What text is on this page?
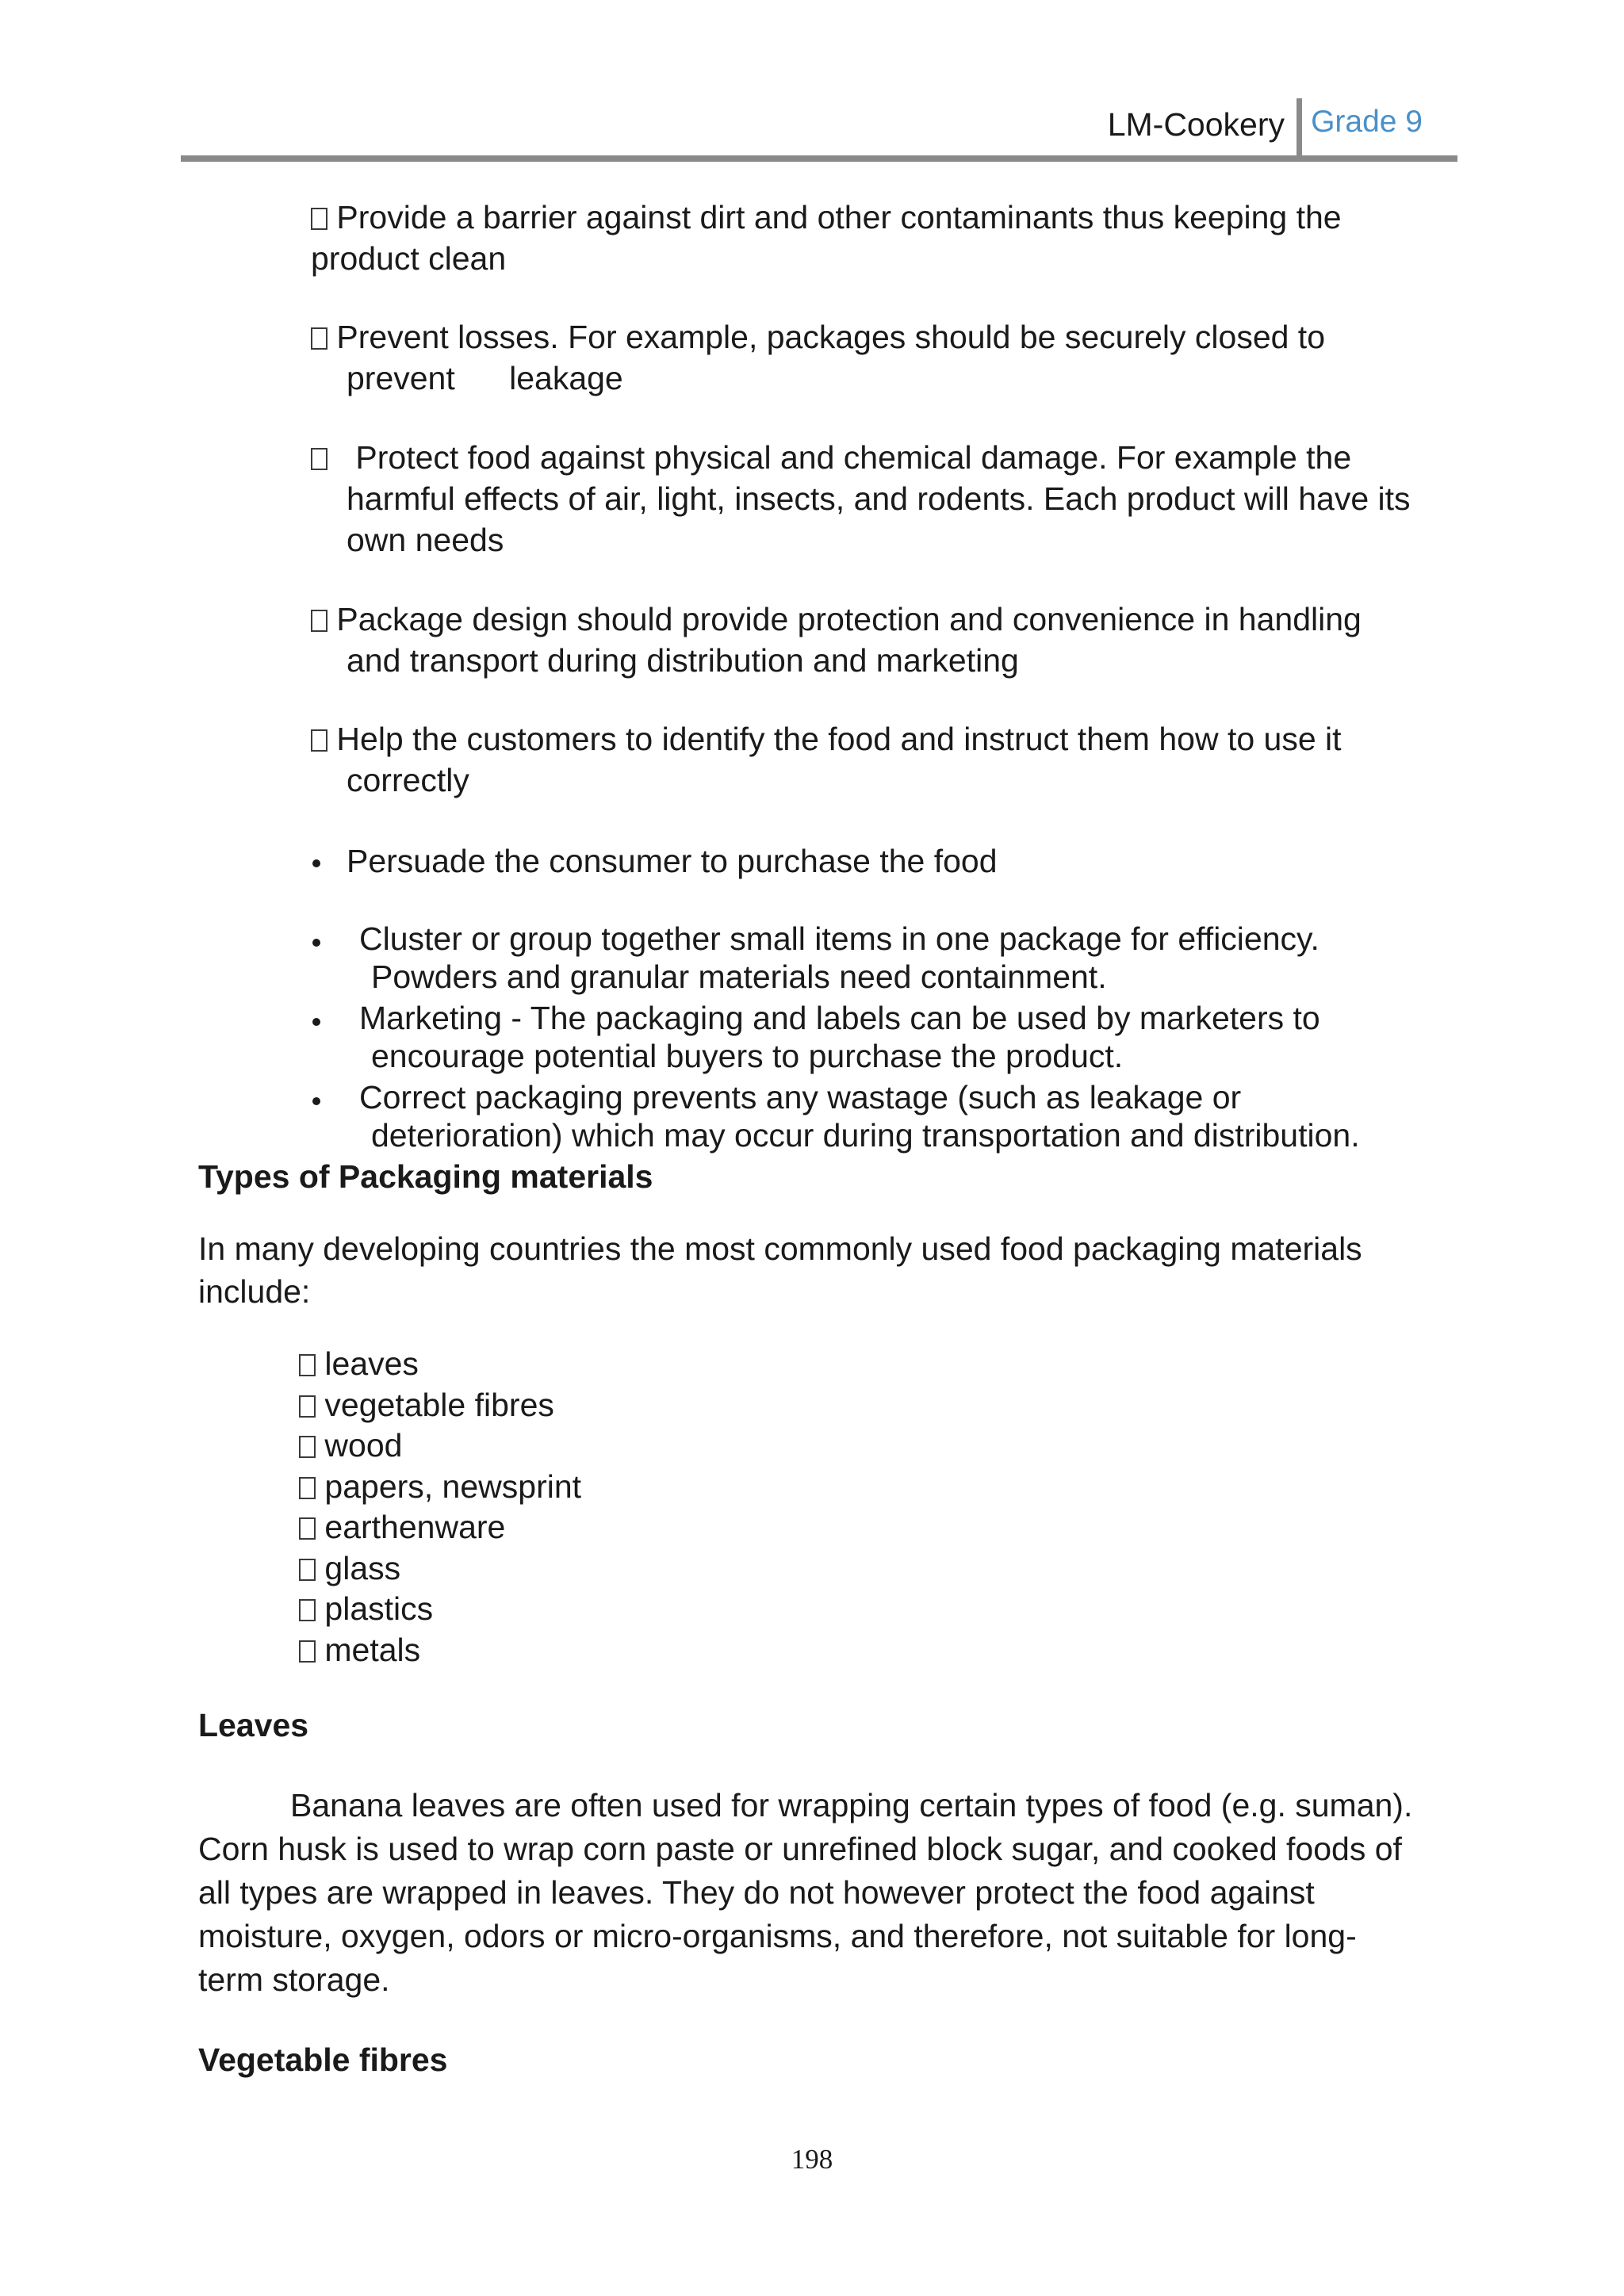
LM-Cookery Grade 9
Provide a barrier against dirt and other contaminants thus keeping the
product clean
Prevent losses. For example, packages should be securely closed to
prevent      leakage
Protect food against physical and chemical damage. For example the
harmful effects of air, light, insects, and rodents. Each product will have its
own needs
Package design should provide protection and convenience in handling
and transport during distribution and marketing
Help the customers to identify the food and instruct them how to use it
correctly
Persuade the consumer to purchase the food
Cluster or group together small items in one package for efficiency.
Powders and granular materials need containment.
Marketing - The packaging and labels can be used by marketers to
encourage potential buyers to purchase the product.
Correct packaging prevents any wastage (such as leakage or
deterioration) which may occur during transportation and distribution.
Types of Packaging materials
In many developing countries the most commonly used food packaging materials
include:
leaves
vegetable fibres
wood
papers, newsprint
earthenware
glass
plastics
metals
Leaves
Banana leaves are often used for wrapping certain types of food (e.g. suman).
Corn husk is used to wrap corn paste or unrefined block sugar, and cooked foods of
all types are wrapped in leaves. They do not however protect the food against
moisture, oxygen, odors or micro-organisms, and therefore, not suitable for long-
term storage.
Vegetable fibres
198
